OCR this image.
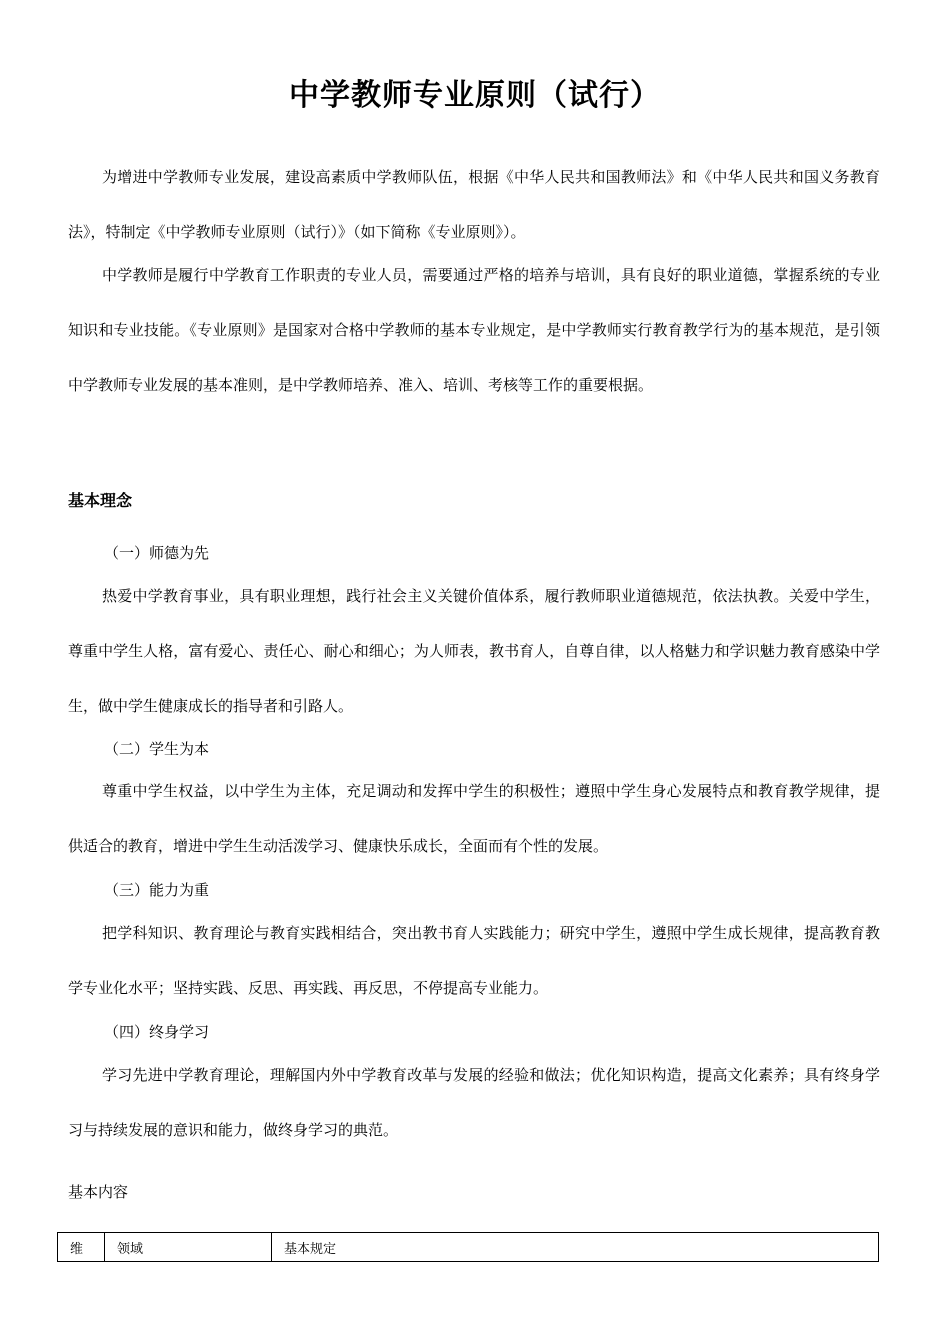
中学教师专业原则（试行）

为增进中学教师专业发展，建设高素质中学教师队伍，根据《中华人民共和国教师法》和《中华人民共和国义务教育法》，特制定《中学教师专业原则（试行）》（如下简称《专业原则》）。

中学教师是履行中学教育工作职责的专业人员，需要通过严格的培养与培训，具有良好的职业道德，掌握系统的专业知识和专业技能。《专业原则》是国家对合格中学教师的基本专业规定，是中学教师实行教育教学行为的基本规范，是引领中学教师专业发展的基本准则，是中学教师培养、准入、培训、考核等工作的重要根据。

基本理念
（一）师德为先

热爱中学教育事业，具有职业理想，践行社会主义关键价值体系，履行教师职业道德规范，依法执教。关爱中学生，尊重中学生人格，富有爱心、责任心、耐心和细心；为人师表，教书育人，自尊自律，以人格魅力和学识魅力教育感染中学生，做中学生健康成长的指导者和引路人。

（二）学生为本

尊重中学生权益，以中学生为主体，充足调动和发挥中学生的积极性；遵照中学生身心发展特点和教育教学规律，提供适合的教育，增进中学生生动活泼学习、健康快乐成长，全面而有个性的发展。

（三）能力为重

把学科知识、教育理论与教育实践相结合，突出教书育人实践能力；研究中学生，遵照中学生成长规律，提高教育教学专业化水平；坚持实践、反思、再实践、再反思，不停提高专业能力。

（四）终身学习

学习先进中学教育理论，理解国内外中学教育改革与发展的经验和做法；优化知识构造，提高文化素养；具有终身学习与持续发展的意识和能力，做终身学习的典范。

基本内容
维	领域	基本规定
